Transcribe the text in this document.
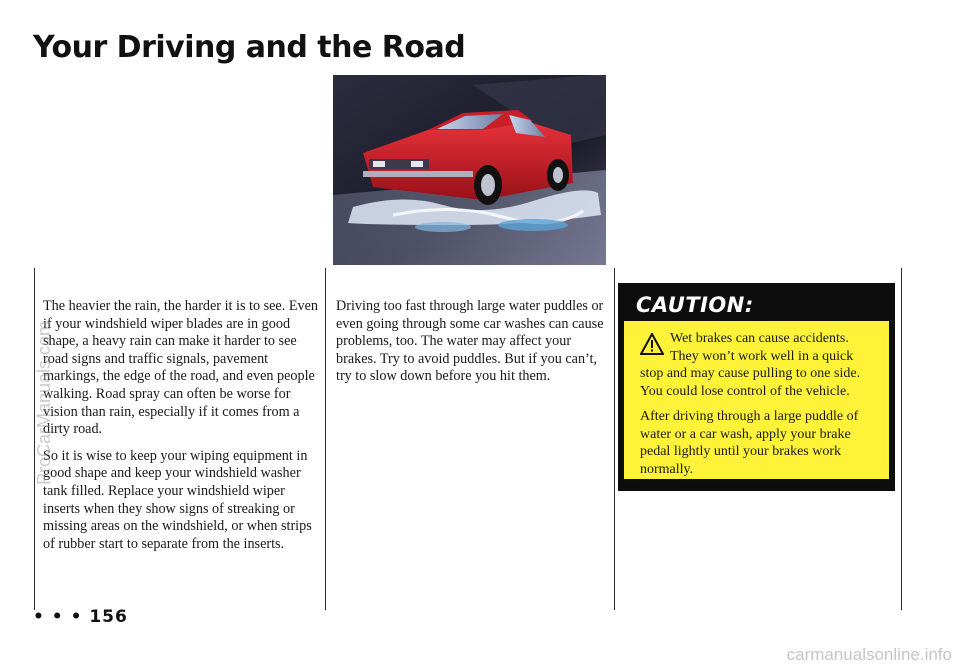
Your Driving and the Road

The heavier the rain, the harder it is to see. Even if your windshield wiper blades are in good shape, a heavy rain can make it harder to see road signs and traffic signals, pavement markings, the edge of the road, and even people walking. Road spray can often be worse for vision than rain, especially if it comes from a dirty road.

So it is wise to keep your wiping equipment in good shape and keep your windshield washer tank filled. Replace your windshield wiper inserts when they show signs of streaking or missing areas on the windshield, or when strips of rubber start to separate from the inserts.

Driving too fast through large water puddles or even going through some car washes can cause problems, too. The water may affect your brakes. Try to avoid puddles. But if you can’t, try to slow down before you hit them.

CAUTION:

Wet brakes can cause accidents. They won’t work well in a quick stop and may cause pulling to one side. You could lose control of the vehicle.

After driving through a large puddle of water or a car wash, apply your brake pedal lightly until your brakes work normally.

• • • 156

ProCarManuals.com
carmanualsonline.info
